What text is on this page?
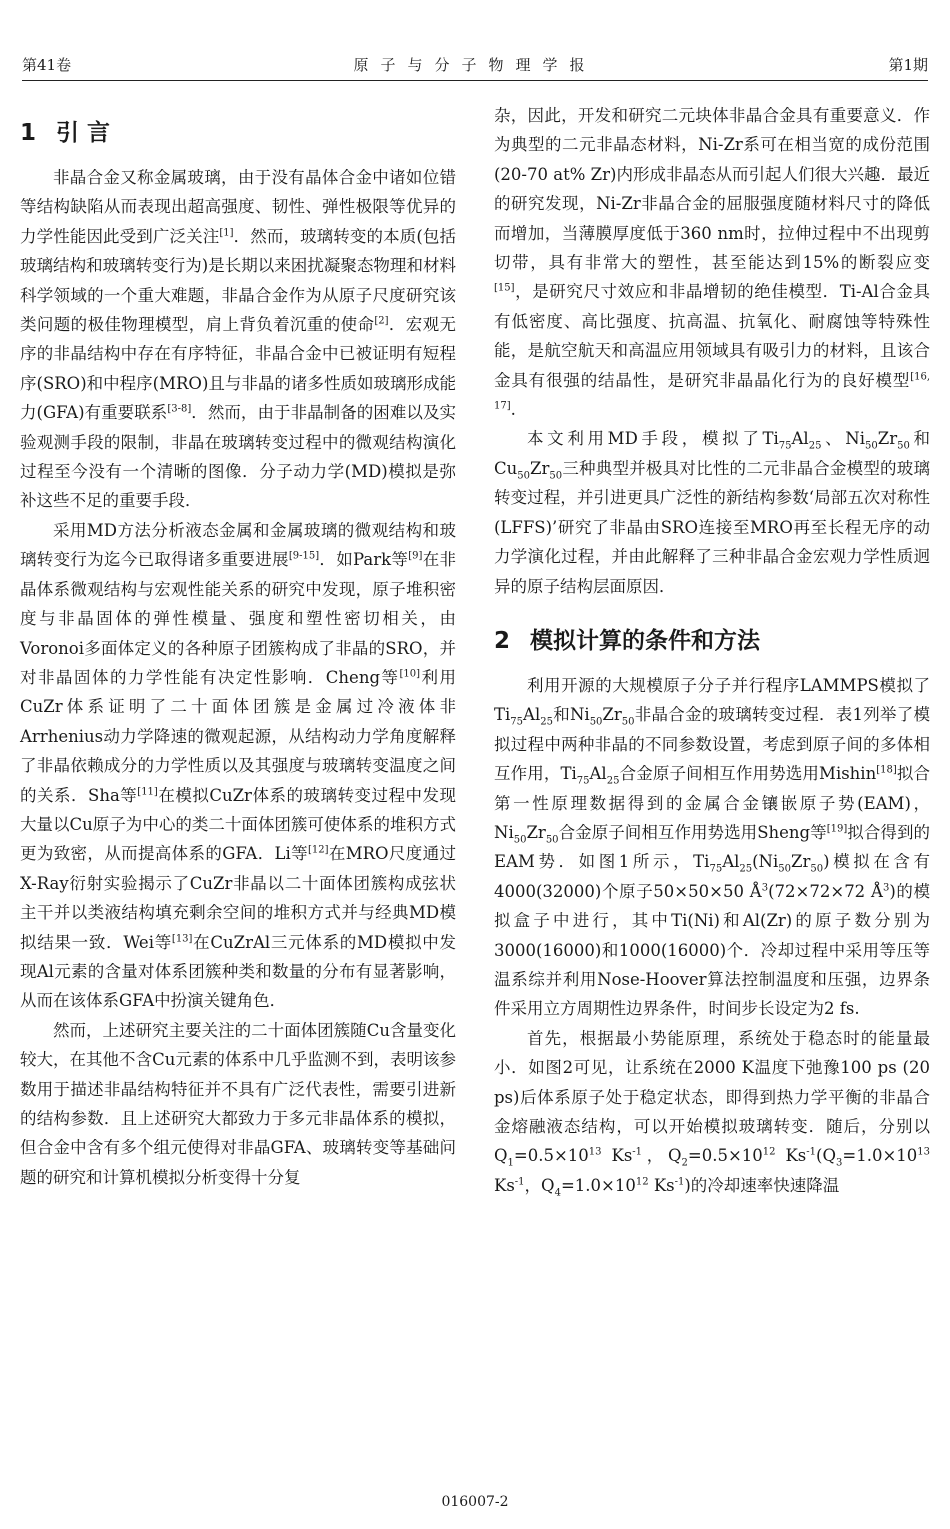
第41卷	原子与分子物理学报	第1期
1 引言

非晶合金又称金属玻璃，由于没有晶体合金中诸如位错等结构缺陷从而表现出超高强度、韧性、弹性极限等优异的力学性能因此受到广泛关注[1]．然而，玻璃转变的本质(包括玻璃结构和玻璃转变行为)是长期以来困扰凝聚态物理和材料科学领域的一个重大难题，非晶合金作为从原子尺度研究该类问题的极佳物理模型，肩上背负着沉重的使命[2]．宏观无序的非晶结构中存在有序特征，非晶合金中已被证明有短程序(SRO)和中程序(MRO)且与非晶的诸多性质如玻璃形成能力(GFA)有重要联系[3-8]．然而，由于非晶制备的困难以及实验观测手段的限制，非晶在玻璃转变过程中的微观结构演化过程至今没有一个清晰的图像．分子动力学(MD)模拟是弥补这些不足的重要手段．

采用MD方法分析液态金属和金属玻璃的微观结构和玻璃转变行为迄今已取得诸多重要进展[9-15]．如Park等[9]在非晶体系微观结构与宏观性能关系的研究中发现，原子堆积密度与非晶固体的弹性模量、强度和塑性密切相关，由Voronoi多面体定义的各种原子团簇构成了非晶的SRO，并对非晶固体的力学性能有决定性影响．Cheng等[10]利用CuZr体系证明了二十面体团簇是金属过冷液体非Arrhenius动力学降速的微观起源，从结构动力学角度解释了非晶依赖成分的力学性质以及其强度与玻璃转变温度之间的关系．Sha等[11]在模拟CuZr体系的玻璃转变过程中发现大量以Cu原子为中心的类二十面体团簇可使体系的堆积方式更为致密，从而提高体系的GFA．Li等[12]在MRO尺度通过X-Ray衍射实验揭示了CuZr非晶以二十面体团簇构成弦状主干并以类液结构填充剩余空间的堆积方式并与经典MD模拟结果一致．Wei等[13]在CuZrAl三元体系的MD模拟中发现Al元素的含量对体系团簇种类和数量的分布有显著影响，从而在该体系GFA中扮演关键角色．

然而，上述研究主要关注的二十面体团簇随Cu含量变化较大，在其他不含Cu元素的体系中几乎监测不到，表明该参数用于描述非晶结构特征并不具有广泛代表性，需要引进新的结构参数．且上述研究大都致力于多元非晶体系的模拟，但合金中含有多个组元使得对非晶GFA、玻璃转变等基础问题的研究和计算机模拟分析变得十分复

杂，因此，开发和研究二元块体非晶合金具有重要意义．作为典型的二元非晶态材料，Ni-Zr系可在相当宽的成份范围(20-70 at% Zr)内形成非晶态从而引起人们很大兴趣．最近的研究发现，Ni-Zr非晶合金的屈服强度随材料尺寸的降低而增加，当薄膜厚度低于360 nm时，拉伸过程中不出现剪切带，具有非常大的塑性，甚至能达到15%的断裂应变[15]，是研究尺寸效应和非晶增韧的绝佳模型．Ti-Al合金具有低密度、高比强度、抗高温、抗氧化、耐腐蚀等特殊性能，是航空航天和高温应用领域具有吸引力的材料，且该合金具有很强的结晶性，是研究非晶晶化行为的良好模型[16, 17].

本文利用MD手段，模拟了$Ti_{75}Al_{25}$、$Ni_{50}Zr_{50}$和$Cu_{50}Zr_{50}$三种典型并极具对比性的二元非晶合金模型的玻璃转变过程，并引进更具广泛性的新结构参数‘局部五次对称性(LFFS)’研究了非晶由SRO连接至MRO再至长程无序的动力学演化过程，并由此解释了三种非晶合金宏观力学性质迥异的原子结构层面原因．

2 模拟计算的条件和方法

利用开源的大规模原子分子并行程序LAMMPS模拟了$Ti_{75}Al_{25}$和$Ni_{50}Zr_{50}$非晶合金的玻璃转变过程．表1列举了模拟过程中两种非晶的不同参数设置，考虑到原子间的多体相互作用，$Ti_{75}Al_{25}$合金原子间相互作用势选用Mishin[18]拟合第一性原理数据得到的金属合金镶嵌原子势(EAM)，$Ni_{50}Zr_{50}$合金原子间相互作用势选用Sheng等[19]拟合得到的EAM势．如图1所示，$Ti_{75}Al_{25}(Ni_{50}Zr_{50})$模拟在含有4000(32000)个原子50×50×50 $Å^3(72\times 72\times 72$ $Å^3$)的模拟盒子中进行，其中Ti(Ni)和Al(Zr)的原子数分别为3000(16000)和1000(16000)个．冷却过程中采用等压等温系综并利用Nose-Hoover算法控制温度和压强，边界条件采用立方周期性边界条件，时间步长设定为2 fs.

首先，根据最小势能原理，系统处于稳态时的能量最小．如图2可见，让系统在2000 K温度下弛豫100 ps (20 ps)后体系原子处于稳定状态，即得到热力学平衡的非晶合金熔融液态结构，可以开始模拟玻璃转变．随后，分别以$Q_1=0.5\times 10^{13}$ $Ks^{-1}$，$Q_2=0.5\times 10^{12}$ $Ks^{-1}(Q_3=1.0\times 10^{13}$ $Ks^{-1}$，$Q_4=1.0\times 10^{12}$ $Ks^{-1}$)的冷却速率快速降温

016007-2
